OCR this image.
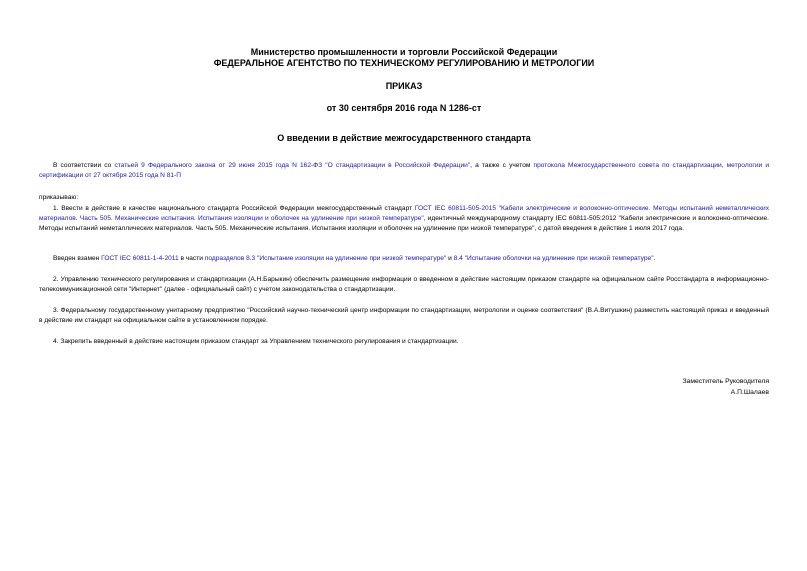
Министерство промышленности и торговли Российской Федерации
ФЕДЕРАЛЬНОЕ АГЕНТСТВО ПО ТЕХНИЧЕСКОМУ РЕГУЛИРОВАНИЮ И МЕТРОЛОГИИ
ПРИКАЗ
от 30 сентября 2016 года N 1286-ст
О введении в действие межгосударственного стандарта
В соответствии со статьей 9 Федерального закона от 29 июня 2015 года N 162-ФЗ "О стандартизации в Российской Федерации", а также с учетом протокола Межгосударственного совета по стандартизации, метрологии и сертификации от 27 октября 2015 года N 81-П
приказываю:
1. Ввести в действие в качестве национального стандарта Российской Федерации межгосударственный стандарт ГОСТ IEC 60811-505-2015 "Кабели электрические и волоконно-оптические. Методы испытаний неметаллических материалов. Часть 505. Механические испытания. Испытания изоляции и оболочек на удлинение при низкой температуре", идентичный международному стандарту IEC 60811-505:2012 "Кабели электрические и волоконно-оптические. Методы испытаний неметаллических материалов. Часть 505. Механические испытания. Испытания изоляции и оболочек на удлинение при низкой температуре", с датой введения в действие 1 июля 2017 года.
Введен взамен ГОСТ IEC 60811-1-4-2011 в части подразделов 8.3 "Испытание изоляции на удлинение при низкой температуре" и 8.4 "Испытание оболочки на удлинение при низкой температуре".
2. Управлению технического регулирования и стандартизации (А.Н.Барыкин) обеспечить размещение информации о введенном в действие настоящим приказом стандарте на официальном сайте Росстандарта в информационно-телекоммуникационной сети "Интернет" (далее - официальный сайт) с учетом законодательства о стандартизации.
3. Федеральному государственному унитарному предприятию "Российский научно-технический центр информации по стандартизации, метрологии и оценке соответствия" (В.А.Витушкин) разместить настоящий приказ и введенный в действие им стандарт на официальном сайте в установленном порядке.
4. Закрепить введенный в действие настоящим приказом стандарт за Управлением технического регулирования и стандартизации.
Заместитель Руководителя
А.П.Шалаев
